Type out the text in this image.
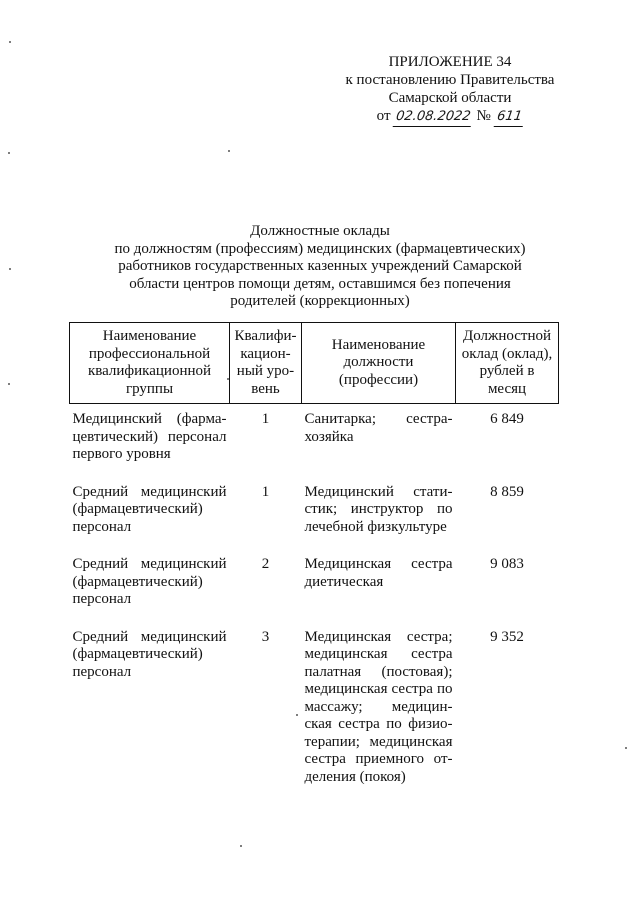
ПРИЛОЖЕНИЕ 34
к постановлению Правительства
Самарской области
от 02.08.2022 № 611
Должностные оклады
по должностям (профессиям) медицинских (фармацевтических)
работников государственных казенных учреждений Самарской
области центров помощи детям, оставшимся без попечения
родителей (коррекционных)
Наименование профессиональной квалификационной группы	Квалифи-кацион-ный уро-вень	Наименование должности (профессии)	Должностной оклад (оклад), рублей в месяц
Медицинский (фарма-цевтический) персонал первого уровня	1	Санитарка; сестра-хозяйка	6 849
Средний медицинский (фармацевтический) персонал	1	Медицинский стати-стик; инструктор по лечебной физкультуре	8 859
Средний медицинский (фармацевтический) персонал	2	Медицинская сестра диетическая	9 083
Средний медицинский (фармацевтический) персонал	3	Медицинская сестра; медицинская сестра палатная (постовая); медицинская сестра по массажу; медицин-ская сестра по физио-терапии; медицинская сестра приемного от-деления (покоя)	9 352
